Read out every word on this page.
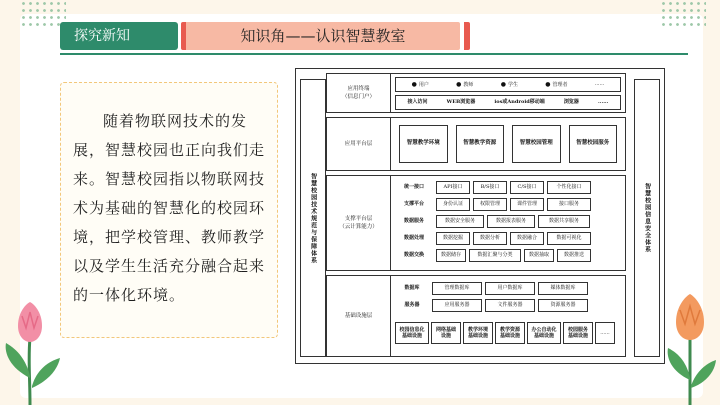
探究新知	知识角——认识智慧教室

随着物联网技术的发展，智慧校园也正向我们走来。智慧校园指以物联网技术为基础的智慧化的校园环境，把学校管理、教师教学以及学生生活充分融合起来的一体化环境。

智慧校园技术规范与保障体系	智慧校园信息安全体系
应用终端
（信息门户）
● 用户	● 教师	● 学生	● 管理者	......
接入访问	WEB浏览器	ios或Android移动端	浏览器	......
应用平台层	智慧教学环境	智慧教学资源	智慧校园管理	智慧校园服务
支撑平台层
（云计算能力）
统一接口	API接口	B/S接口	C/S接口	个性化接口
支撑平台	身份认证	权限管理	课件管理	接口服务
数据服务	数据安全服务	数据报表服务	数据共享服务
数据处理	数据挖掘	数据分析	数据融合	数据可视化
数据交换	数据储存	数据汇聚与分类	数据抽取	数据推送
基础设施层
数据库	管理数据库	用户数据库	媒体数据库
服务器	应用服务器	文件服务器	资源服务器
校园信息化基础设施
网络基础设施
教学环境基础设施
教学资源基础设施
办公自动化基础设施
校园服务基础设施
......
